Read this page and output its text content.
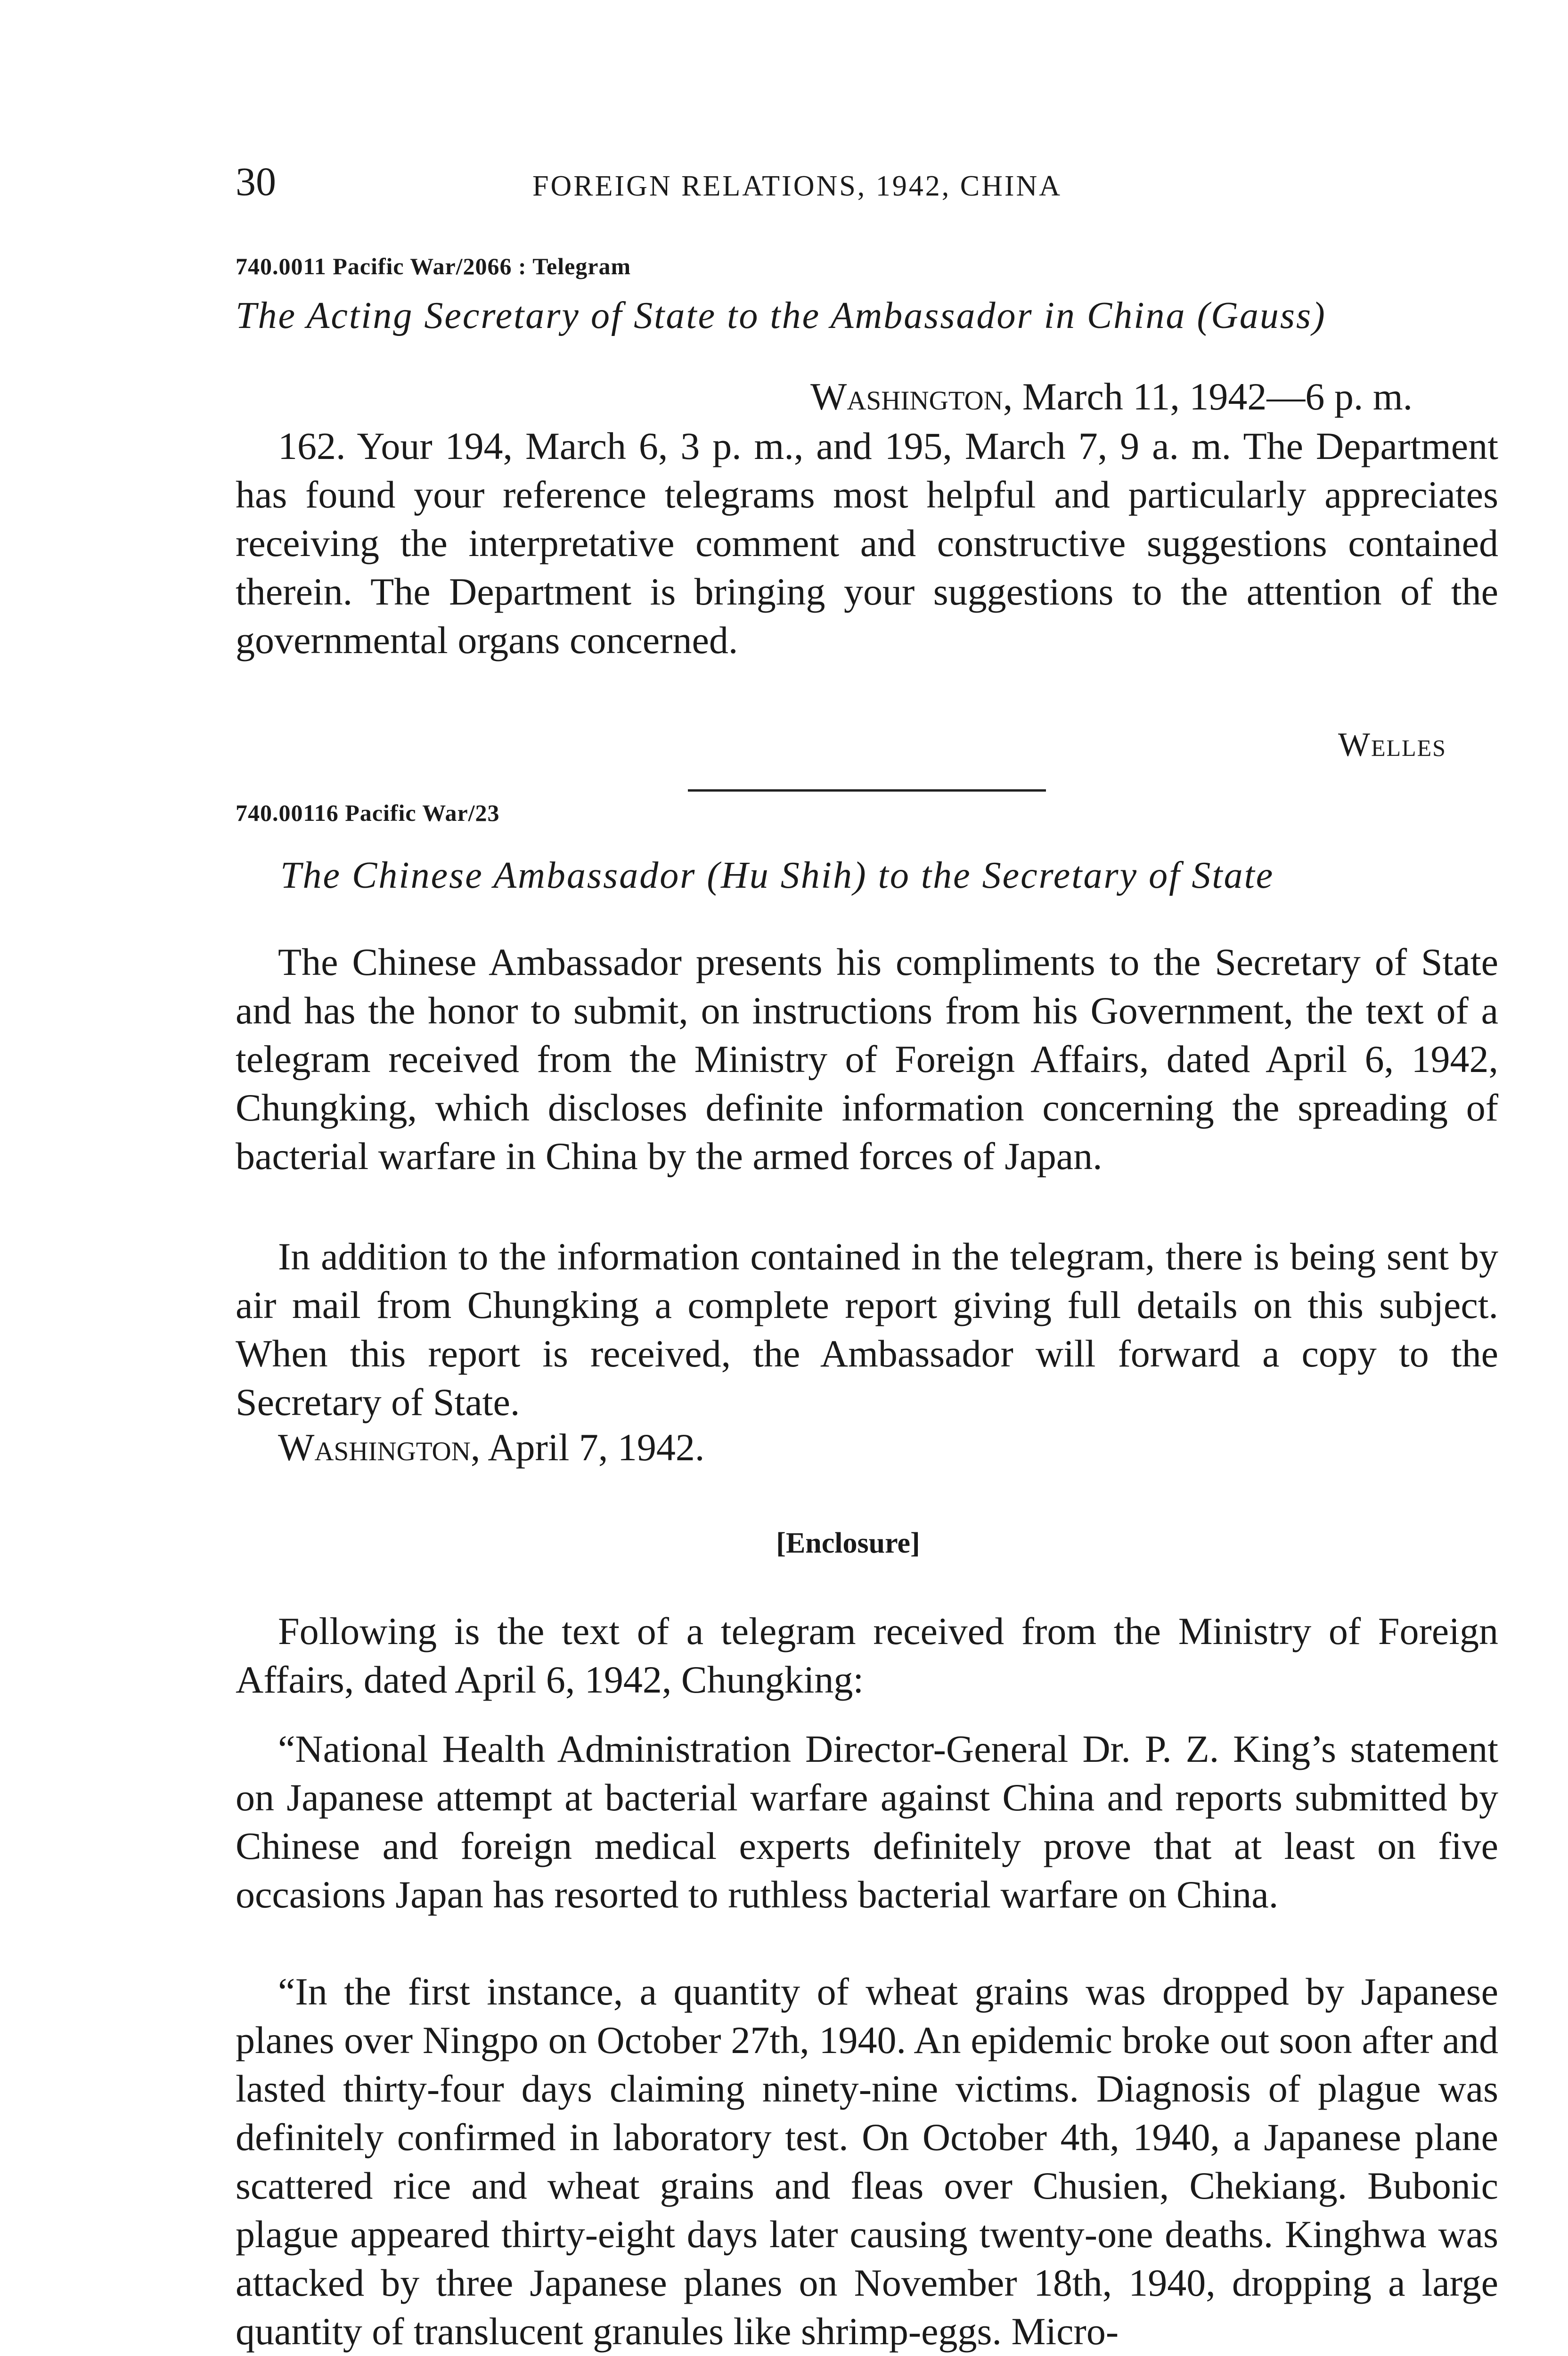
30	FOREIGN RELATIONS, 1942, CHINA
740.0011 Pacific War/2066 : Telegram
The Acting Secretary of State to the Ambassador in China (Gauss)
Washington, March 11, 1942—6 p. m.

162. Your 194, March 6, 3 p. m., and 195, March 7, 9 a. m. The Department has found your reference telegrams most helpful and particularly appreciates receiving the interpretative comment and constructive suggestions contained therein. The Department is bringing your suggestions to the attention of the governmental organs concerned.

Welles
740.00116 Pacific War/23
The Chinese Ambassador (Hu Shih) to the Secretary of State

The Chinese Ambassador presents his compliments to the Secretary of State and has the honor to submit, on instructions from his Government, the text of a telegram received from the Ministry of Foreign Affairs, dated April 6, 1942, Chungking, which discloses definite information concerning the spreading of bacterial warfare in China by the armed forces of Japan.

In addition to the information contained in the telegram, there is being sent by air mail from Chungking a complete report giving full details on this subject. When this report is received, the Ambassador will forward a copy to the Secretary of State.

Washington, April 7, 1942.
[Enclosure]

Following is the text of a telegram received from the Ministry of Foreign Affairs, dated April 6, 1942, Chungking:

“National Health Administration Director-General Dr. P. Z. King’s statement on Japanese attempt at bacterial warfare against China and reports submitted by Chinese and foreign medical experts definitely prove that at least on five occasions Japan has resorted to ruthless bacterial warfare on China.

“In the first instance, a quantity of wheat grains was dropped by Japanese planes over Ningpo on October 27th, 1940. An epidemic broke out soon after and lasted thirty-four days claiming ninety-nine victims. Diagnosis of plague was definitely confirmed in laboratory test. On October 4th, 1940, a Japanese plane scattered rice and wheat grains and fleas over Chusien, Chekiang. Bubonic plague appeared thirty-eight days later causing twenty-one deaths. Kinghwa was attacked by three Japanese planes on November 18th, 1940, dropping a large quantity of translucent granules like shrimp-eggs. Micro-
